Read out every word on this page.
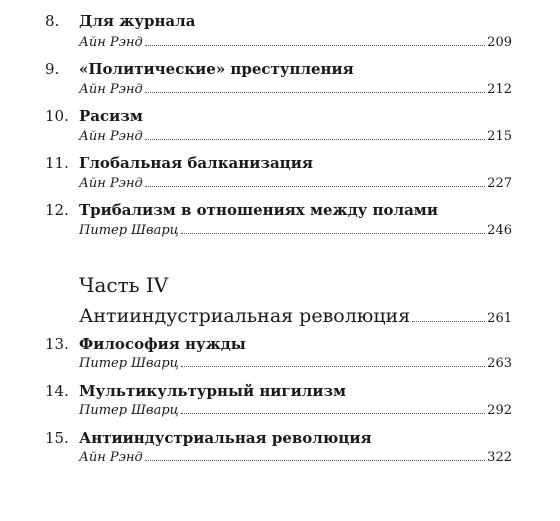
8.	Для журнала
Айн Рэнд	209
9.	«Политические» преступления
Айн Рэнд	212
10. Расизм
Айн Рэнд	215
11. Глобальная балканизация
Айн Рэнд	227
12. Трибализм в отношениях между полами
Питер Шварц	246
Часть IV
Антииндустриальная революция	261
13. Философия нужды
Питер Шварц	263
14. Мультикультурный нигилизм
Питер Шварц	292
15. Антииндустриальная революция
Айн Рэнд	322
